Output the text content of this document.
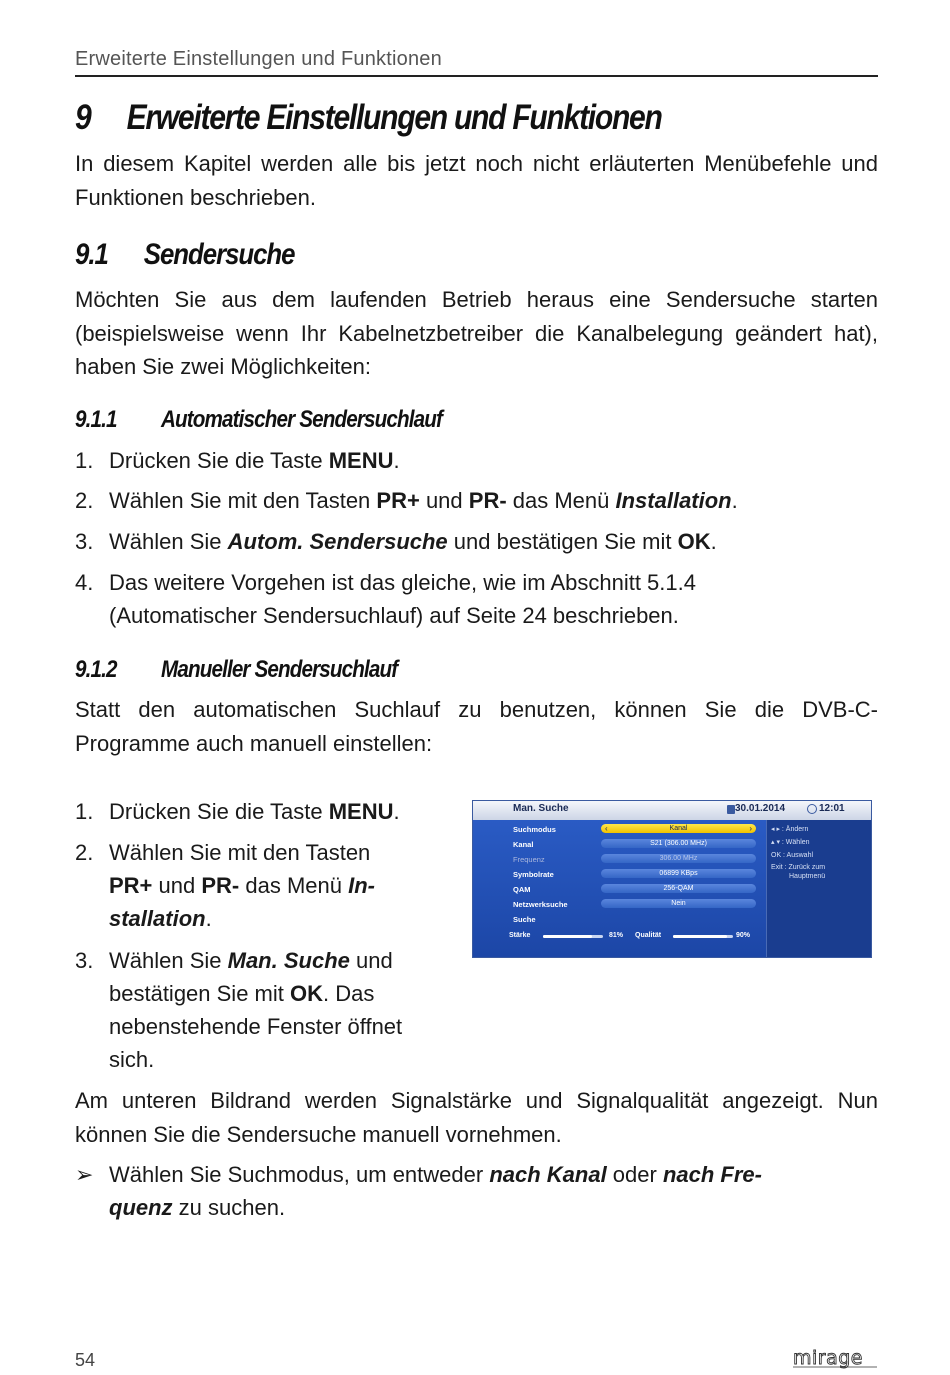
Erweiterte Einstellungen und Funktionen
9 Erweiterte Einstellungen und Funktionen
In diesem Kapitel werden alle bis jetzt noch nicht erläuterten Menübefehle und Funktionen beschrieben.
9.1 Sendersuche
Möchten Sie aus dem laufenden Betrieb heraus eine Sendersuche starten (beispielsweise wenn Ihr Kabelnetzbetreiber die Kanalbelegung geändert hat), haben Sie zwei Möglichkeiten:
9.1.1 Automatischer Sendersuchlauf
1. Drücken Sie die Taste MENU.
2. Wählen Sie mit den Tasten PR+ und PR- das Menü Installation.
3. Wählen Sie Autom. Sendersuche und bestätigen Sie mit OK.
4. Das weitere Vorgehen ist das gleiche, wie im Abschnitt 5.1.4
(Automatischer Sendersuchlauf) auf Seite 24 beschrieben.
9.1.2 Manueller Sendersuchlauf
Statt den automatischen Suchlauf zu benutzen, können Sie die DVB-C-Programme auch manuell einstellen:
1. Drücken Sie die Taste MENU.
2. Wählen Sie mit den Tasten
PR+ und PR- das Menü In-
stallation.
3. Wählen Sie Man. Suche und
bestätigen Sie mit OK. Das
nebenstehende Fenster öffnet
sich.
Man. Suche	30.01.2014	12:01
Suchmodus	‹	Kanal	›
Kanal	S21 (306.00 MHz)
Frequenz	306.00 MHz
Symbolrate	06899 KBps
QAM	256-QAM
Netzwerksuche	Nein
Suche
Stärke	81% Qualität	90%
◂ ▸ : Ändern
▴ ▾ : Wählen
OK : Auswahl
Exit : Zurück zum
Hauptmenü
Am unteren Bildrand werden Signalstärke und Signalqualität angezeigt. Nun können Sie die Sendersuche manuell vornehmen.
➢ Wählen Sie Suchmodus, um entweder nach Kanal oder nach Fre-
quenz zu suchen.
54	mirage
